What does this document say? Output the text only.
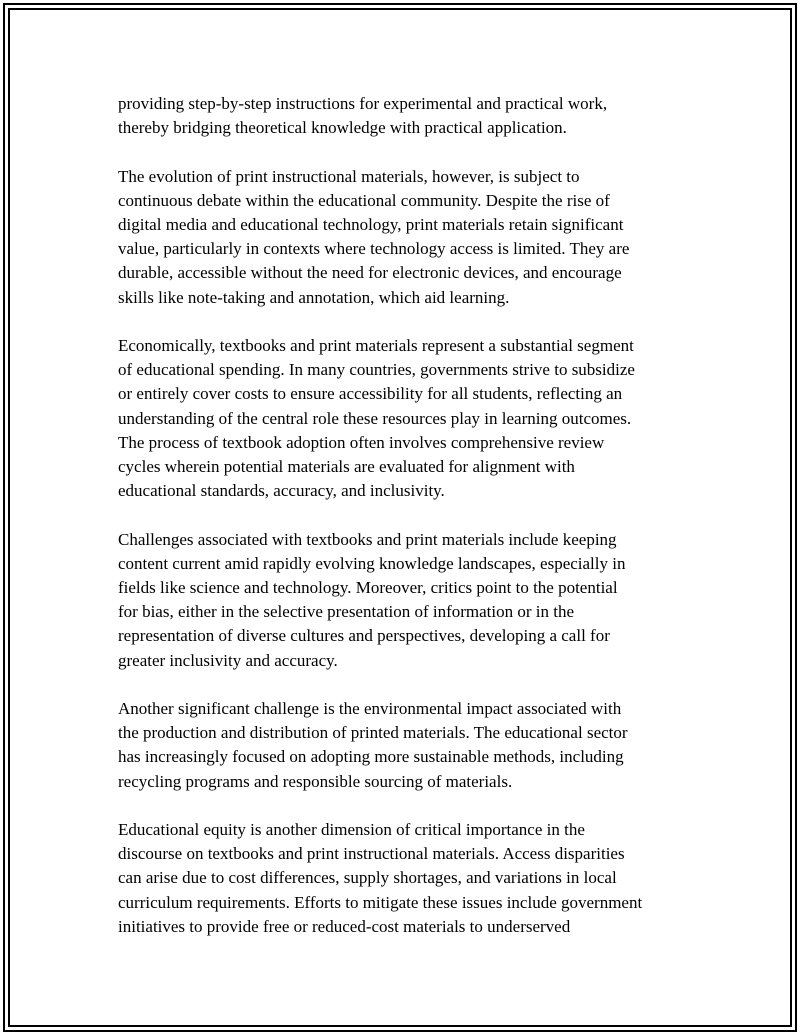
providing step-by-step instructions for experimental and practical work,
thereby bridging theoretical knowledge with practical application.

The evolution of print instructional materials, however, is subject to
continuous debate within the educational community. Despite the rise of
digital media and educational technology, print materials retain significant
value, particularly in contexts where technology access is limited. They are
durable, accessible without the need for electronic devices, and encourage
skills like note-taking and annotation, which aid learning.

Economically, textbooks and print materials represent a substantial segment
of educational spending. In many countries, governments strive to subsidize
or entirely cover costs to ensure accessibility for all students, reflecting an
understanding of the central role these resources play in learning outcomes.
The process of textbook adoption often involves comprehensive review
cycles wherein potential materials are evaluated for alignment with
educational standards, accuracy, and inclusivity.

Challenges associated with textbooks and print materials include keeping
content current amid rapidly evolving knowledge landscapes, especially in
fields like science and technology. Moreover, critics point to the potential
for bias, either in the selective presentation of information or in the
representation of diverse cultures and perspectives, developing a call for
greater inclusivity and accuracy.

Another significant challenge is the environmental impact associated with
the production and distribution of printed materials. The educational sector
has increasingly focused on adopting more sustainable methods, including
recycling programs and responsible sourcing of materials.

Educational equity is another dimension of critical importance in the
discourse on textbooks and print instructional materials. Access disparities
can arise due to cost differences, supply shortages, and variations in local
curriculum requirements. Efforts to mitigate these issues include government
initiatives to provide free or reduced-cost materials to underserved
